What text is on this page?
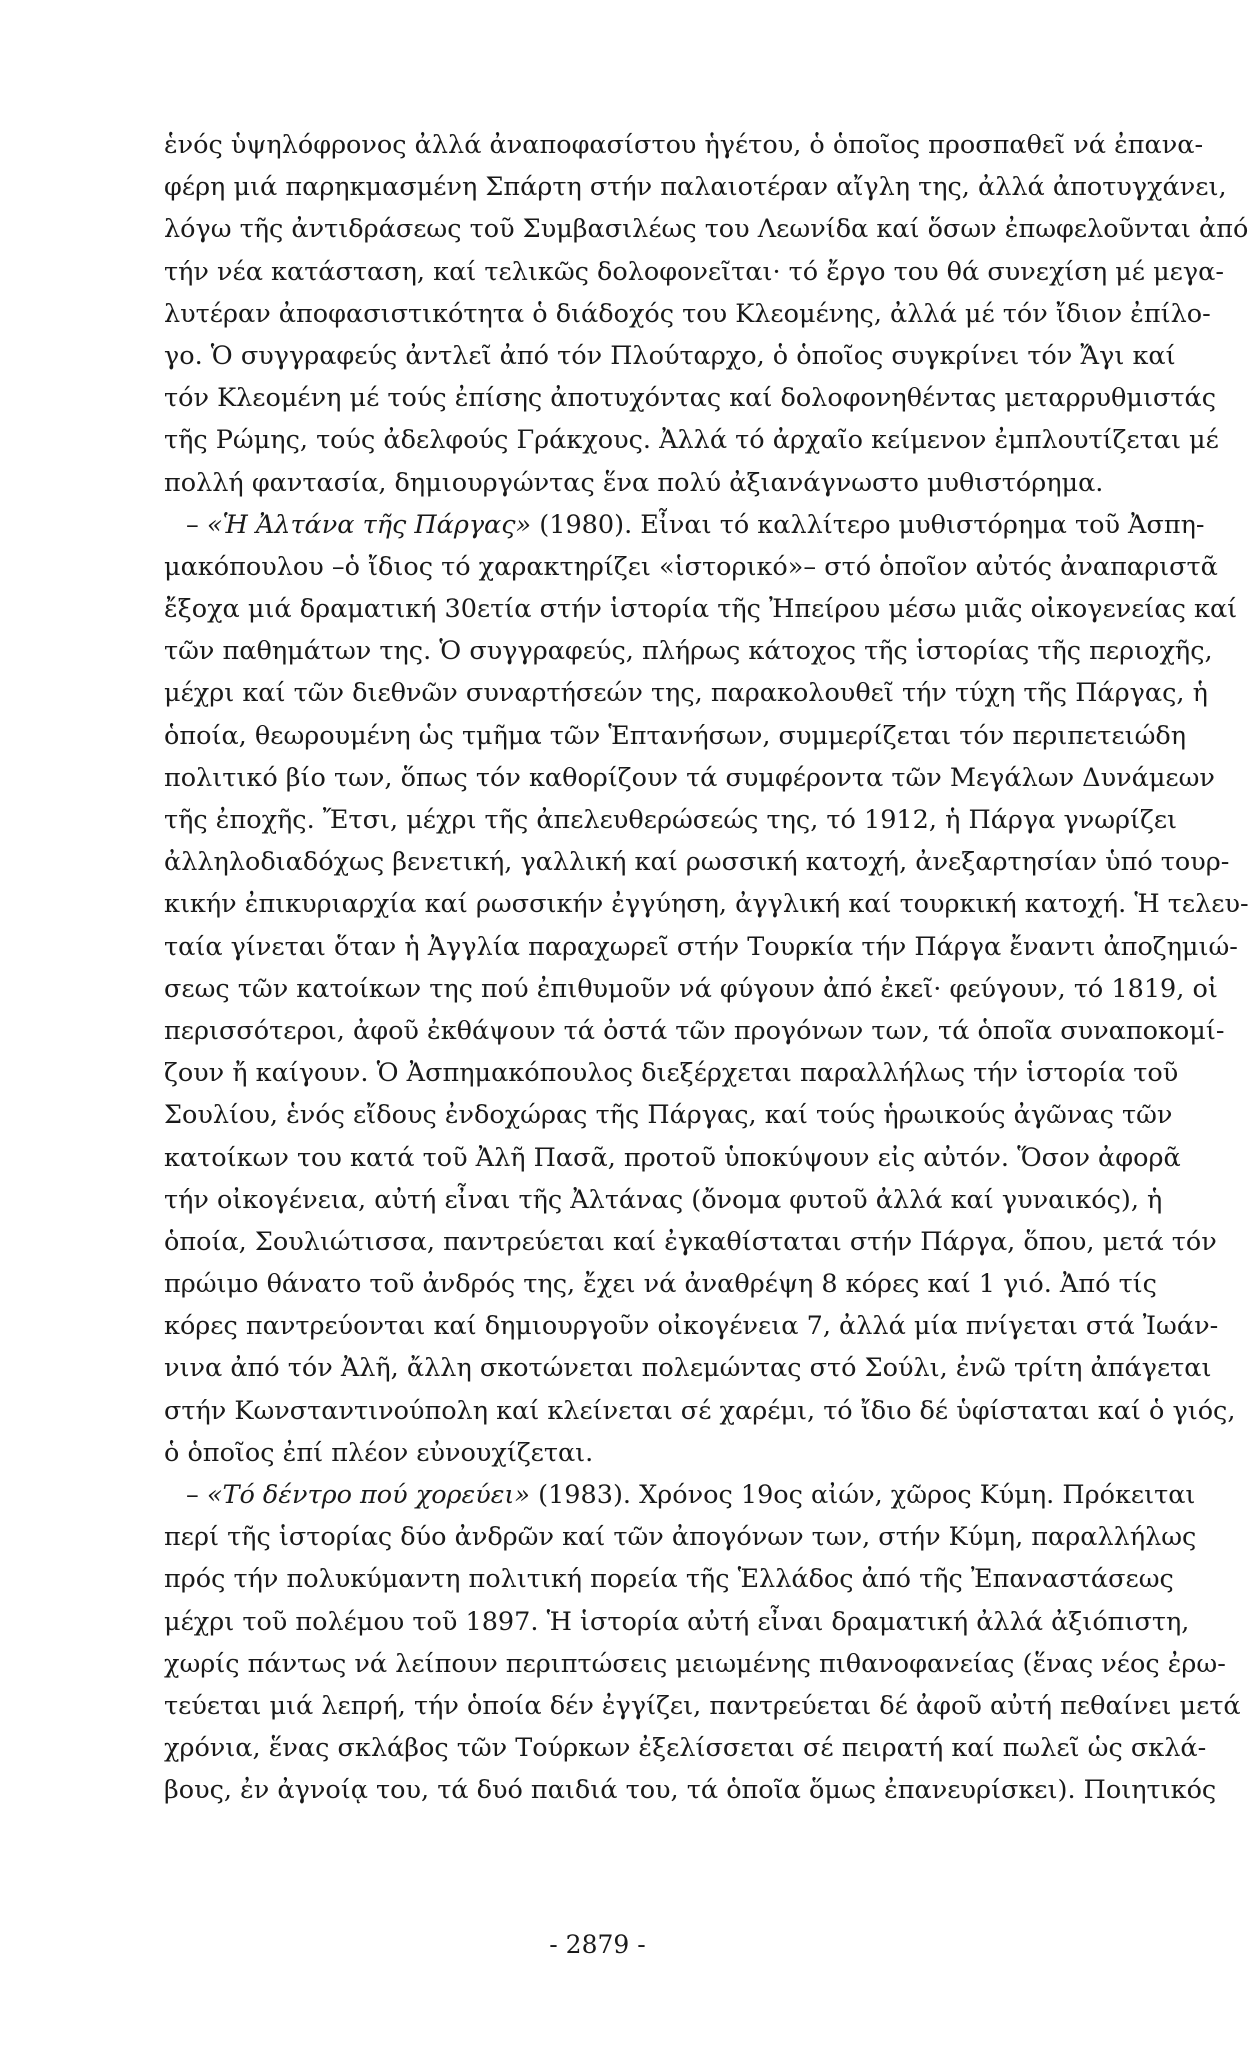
ἑνός ὑψηλόφρονος ἀλλά ἀναποφασίστου ἡγέτου, ὁ ὁποῖος προσπαθεῖ νά ἐπανα-
φέρη μιά παρηκμασμένη Σπάρτη στήν παλαιοτέραν αἴγλη της, ἀλλά ἀποτυγχάνει,
λόγω τῆς ἀντιδράσεως τοῦ Συμβασιλέως του Λεωνίδα καί ὅσων ἐπωφελοῦνται ἀπό
τήν νέα κατάσταση, καί τελικῶς δολοφονεῖται· τό ἔργο του θά συνεχίση μέ μεγα-
λυτέραν ἀποφασιστικότητα ὁ διάδοχός του Κλεομένης, ἀλλά μέ τόν ἴδιον ἐπίλο-
γο. Ὁ συγγραφεύς ἀντλεῖ ἀπό τόν Πλούταρχο, ὁ ὁποῖος συγκρίνει τόν Ἄγι καί
τόν Κλεομένη μέ τούς ἐπίσης ἀποτυχόντας καί δολοφονηθέντας μεταρρυθμιστάς
τῆς Ρώμης, τούς ἀδελφούς Γράκχους. Ἀλλά τό ἀρχαῖο κείμενον ἐμπλουτίζεται μέ
πολλή φαντασία, δημιουργώντας ἕνα πολύ ἀξιανάγνωστο μυθιστόρημα.
– «Ἡ Ἀλτάνα τῆς Πάργας» (1980). Εἶναι τό καλλίτερο μυθιστόρημα τοῦ Ἀσπη-
μακόπουλου –ὁ ἴδιος τό χαρακτηρίζει «ἱστορικό»– στό ὁποῖον αὐτός ἀναπαριστᾶ
ἔξοχα μιά δραματική 30ετία στήν ἱστορία τῆς Ἠπείρου μέσω μιᾶς οἰκογενείας καί
τῶν παθημάτων της. Ὁ συγγραφεύς, πλήρως κάτοχος τῆς ἱστορίας τῆς περιοχῆς,
μέχρι καί τῶν διεθνῶν συναρτήσεών της, παρακολουθεῖ τήν τύχη τῆς Πάργας, ἡ
ὁποία, θεωρουμένη ὡς τμῆμα τῶν Ἑπτανήσων, συμμερίζεται τόν περιπετειώδη
πολιτικό βίο των, ὅπως τόν καθορίζουν τά συμφέροντα τῶν Μεγάλων Δυνάμεων
τῆς ἐποχῆς. Ἔτσι, μέχρι τῆς ἀπελευθερώσεώς της, τό 1912, ἡ Πάργα γνωρίζει
ἀλληλοδιαδόχως βενετική, γαλλική καί ρωσσική κατοχή, ἀνεξαρτησίαν ὑπό τουρ-
κικήν ἐπικυριαρχία καί ρωσσικήν ἐγγύηση, ἀγγλική καί τουρκική κατοχή. Ἡ τελευ-
ταία γίνεται ὅταν ἡ Ἀγγλία παραχωρεῖ στήν Τουρκία τήν Πάργα ἔναντι ἀποζημιώ-
σεως τῶν κατοίκων της πού ἐπιθυμοῦν νά φύγουν ἀπό ἐκεῖ· φεύγουν, τό 1819, οἱ
περισσότεροι, ἀφοῦ ἐκθάψουν τά ὀστά τῶν προγόνων των, τά ὁποῖα συναποκομί-
ζουν ἤ καίγουν. Ὁ Ἀσπημακόπουλος διεξέρχεται παραλλήλως τήν ἱστορία τοῦ
Σουλίου, ἑνός εἴδους ἐνδοχώρας τῆς Πάργας, καί τούς ἡρωικούς ἀγῶνας τῶν
κατοίκων του κατά τοῦ Ἀλῆ Πασᾶ, προτοῦ ὑποκύψουν εἰς αὐτόν. Ὅσον ἀφορᾶ
τήν οἰκογένεια, αὐτή εἶναι τῆς Ἀλτάνας (ὄνομα φυτοῦ ἀλλά καί γυναικός), ἡ
ὁποία, Σουλιώτισσα, παντρεύεται καί ἐγκαθίσταται στήν Πάργα, ὅπου, μετά τόν
πρώιμο θάνατο τοῦ ἀνδρός της, ἔχει νά ἀναθρέψη 8 κόρες καί 1 γιό. Ἀπό τίς
κόρες παντρεύονται καί δημιουργοῦν οἰκογένεια 7, ἀλλά μία πνίγεται στά Ἰωάν-
νινα ἀπό τόν Ἀλῆ, ἄλλη σκοτώνεται πολεμώντας στό Σούλι, ἐνῶ τρίτη ἀπάγεται
στήν Κωνσταντινούπολη καί κλείνεται σέ χαρέμι, τό ἴδιο δέ ὑφίσταται καί ὁ γιός,
ὁ ὁποῖος ἐπί πλέον εὐνουχίζεται.
– «Τό δέντρο πού χορεύει» (1983). Χρόνος 19ος αἰών, χῶρος Κύμη. Πρόκειται
περί τῆς ἱστορίας δύο ἀνδρῶν καί τῶν ἀπογόνων των, στήν Κύμη, παραλλήλως
πρός τήν πολυκύμαντη πολιτική πορεία τῆς Ἑλλάδος ἀπό τῆς Ἐπαναστάσεως
μέχρι τοῦ πολέμου τοῦ 1897. Ἡ ἱστορία αὐτή εἶναι δραματική ἀλλά ἀξιόπιστη,
χωρίς πάντως νά λείπουν περιπτώσεις μειωμένης πιθανοφανείας (ἕνας νέος ἐρω-
τεύεται μιά λεπρή, τήν ὁποία δέν ἐγγίζει, παντρεύεται δέ ἀφοῦ αὐτή πεθαίνει μετά
χρόνια, ἕνας σκλάβος τῶν Τούρκων ἐξελίσσεται σέ πειρατή καί πωλεῖ ὡς σκλά-
βους, ἐν ἀγνοίᾳ του, τά δυό παιδιά του, τά ὁποῖα ὅμως ἐπανευρίσκει). Ποιητικός
- 2879 -
